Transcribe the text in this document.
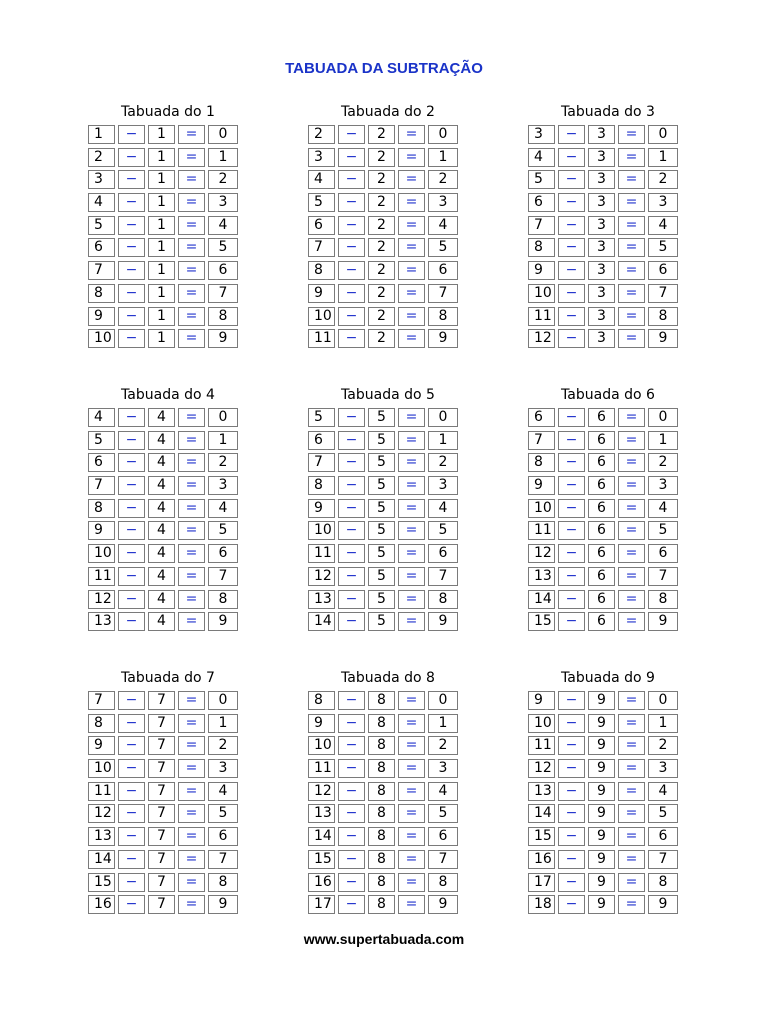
TABUADA DA SUBTRAÇÃO
Tabuada do 1
1	−	1	=	0
2	−	1	=	1
3	−	1	=	2
4	−	1	=	3
5	−	1	=	4
6	−	1	=	5
7	−	1	=	6
8	−	1	=	7
9	−	1	=	8
10 −	1	=	9
Tabuada do 2
2	−	2	=	0
3	−	2	=	1
4	−	2	=	2
5	−	2	=	3
6	−	2	=	4
7	−	2	=	5
8	−	2	=	6
9	−	2	=	7
10 −	2	=	8
11 −	2	=	9
Tabuada do 3
3	−	3	=	0
4	−	3	=	1
5	−	3	=	2
6	−	3	=	3
7	−	3	=	4
8	−	3	=	5
9	−	3	=	6
10 −	3	=	7
11 −	3	=	8
12 −	3	=	9
Tabuada do 4
4	−	4	=	0
5	−	4	=	1
6	−	4	=	2
7	−	4	=	3
8	−	4	=	4
9	−	4	=	5
10 −	4	=	6
11 −	4	=	7
12 −	4	=	8
13 −	4	=	9
Tabuada do 5
5	−	5	=	0
6	−	5	=	1
7	−	5	=	2
8	−	5	=	3
9	−	5	=	4
10 −	5	=	5
11 −	5	=	6
12 −	5	=	7
13 −	5	=	8
14 −	5	=	9
Tabuada do 6
6	−	6	=	0
7	−	6	=	1
8	−	6	=	2
9	−	6	=	3
10 −	6	=	4
11 −	6	=	5
12 −	6	=	6
13 −	6	=	7
14 −	6	=	8
15 −	6	=	9
Tabuada do 7
7	−	7	=	0
8	−	7	=	1
9	−	7	=	2
10 −	7	=	3
11 −	7	=	4
12 −	7	=	5
13 −	7	=	6
14 −	7	=	7
15 −	7	=	8
16 −	7	=	9
Tabuada do 8
8	−	8	=	0
9	−	8	=	1
10 −	8	=	2
11 −	8	=	3
12 −	8	=	4
13 −	8	=	5
14 −	8	=	6
15 −	8	=	7
16 −	8	=	8
17 −	8	=	9
Tabuada do 9
9	−	9	=	0
10 −	9	=	1
11 −	9	=	2
12 −	9	=	3
13 −	9	=	4
14 −	9	=	5
15 −	9	=	6
16 −	9	=	7
17 −	9	=	8
18 −	9	=	9
www.supertabuada.com
